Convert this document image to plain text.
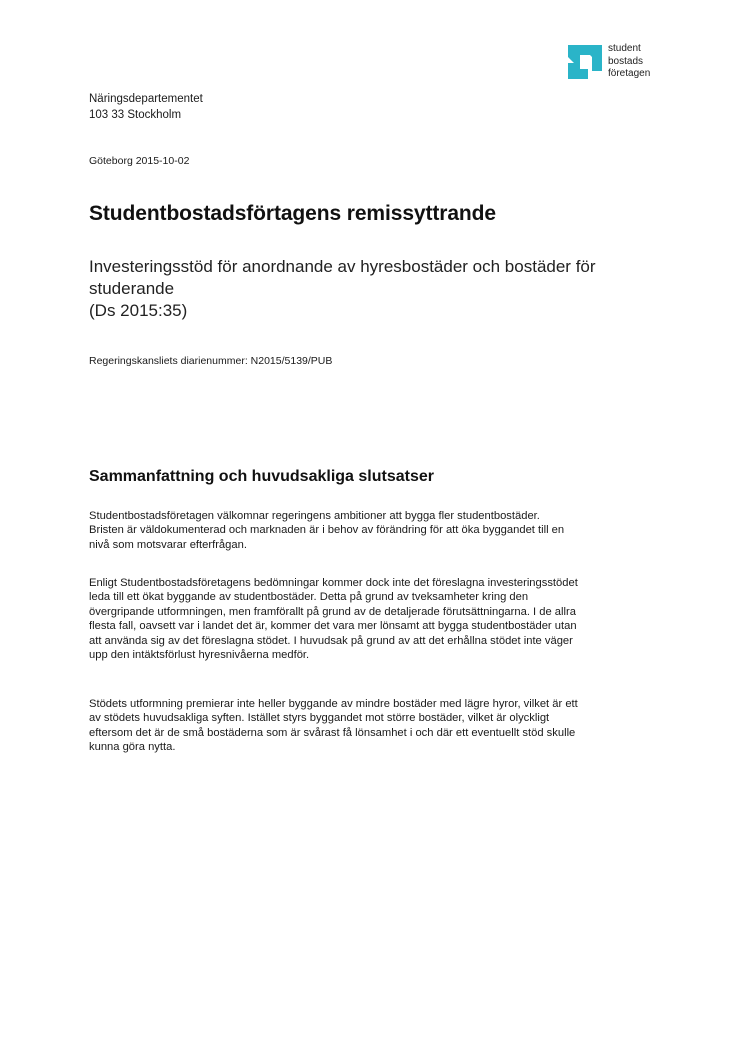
student
bostads
företagen
Näringsdepartementet
103 33 Stockholm
Göteborg 2015-10-02
Studentbostadsförtagens remissyttrande
Investeringsstöd för anordnande av hyresbostäder och bostäder för
studerande
(Ds 2015:35)
Regeringskansliets diarienummer: N2015/5139/PUB
Sammanfattning och huvudsakliga slutsatser

Studentbostadsföretagen välkomnar regeringens ambitioner att bygga fler studentbostäder.
Bristen är väldokumenterad och marknaden är i behov av förändring för att öka byggandet till en
nivå som motsvarar efterfrågan.

Enligt Studentbostadsföretagens bedömningar kommer dock inte det föreslagna investeringsstödet
leda till ett ökat byggande av studentbostäder. Detta på grund av tveksamheter kring den
övergripande utformningen, men framförallt på grund av de detaljerade förutsättningarna. I de allra
flesta fall, oavsett var i landet det är, kommer det vara mer lönsamt att bygga studentbostäder utan
att använda sig av det föreslagna stödet. I huvudsak på grund av att det erhållna stödet inte väger
upp den intäktsförlust hyresnivåerna medför.

Stödets utformning premierar inte heller byggande av mindre bostäder med lägre hyror, vilket är ett
av stödets huvudsakliga syften. Istället styrs byggandet mot större bostäder, vilket är olyckligt
eftersom det är de små bostäderna som är svårast få lönsamhet i och där ett eventuellt stöd skulle
kunna göra nytta.
